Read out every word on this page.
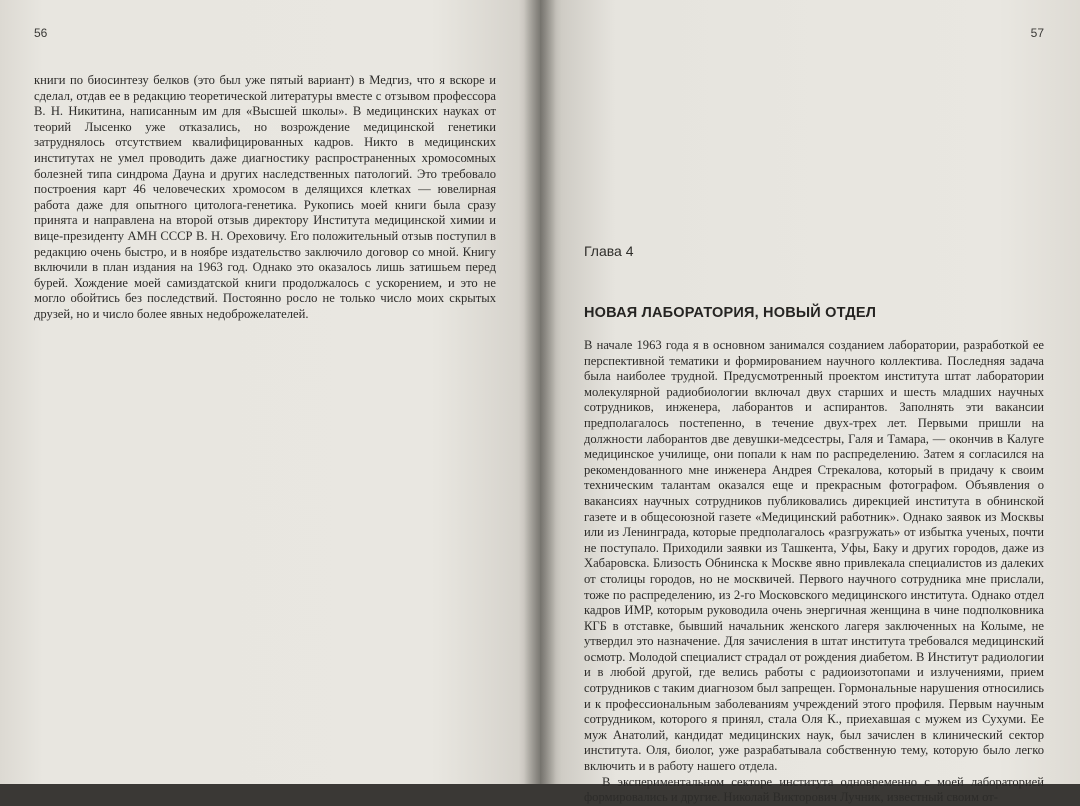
56

книги по биосинтезу белков (это был уже пятый вариант) в Медгиз, что я вскоре и сделал, отдав ее в редакцию теоретической литературы вместе с отзывом профессора В. Н. Никитина, написанным им для «Высшей школы». В медицинских науках от теорий Лысенко уже отказались, но возрождение медицинской генетики затруднялось отсутствием квалифицированных кадров. Никто в медицинских институтах не умел проводить даже диагностику распространенных хромосомных болезней типа синдрома Дауна и других наследственных патологий. Это требовало построения карт 46 человеческих хромосом в делящихся клетках — ювелирная работа даже для опытного цитолога-генетика. Рукопись моей книги была сразу принята и направлена на второй отзыв директору Института медицинской химии и вице-президенту АМН СССР В. Н. Ореховичу. Его положительный отзыв поступил в редакцию очень быстро, и в ноябре издательство заключило договор со мной. Книгу включили в план издания на 1963 год. Однако это оказалось лишь затишьем перед бурей. Хождение моей самиздатской книги продолжалось с ускорением, и это не могло обойтись без последствий. Постоянно росло не только число моих скрытых друзей, но и число более явных недоброжелателей.

57
Глава 4
НОВАЯ ЛАБОРАТОРИЯ, НОВЫЙ ОТДЕЛ

В начале 1963 года я в основном занимался созданием лаборатории, разработкой ее перспективной тематики и формированием научного коллектива. Последняя задача была наиболее трудной. Предусмотренный проектом института штат лаборатории молекулярной радиобиологии включал двух старших и шесть младших научных сотрудников, инженера, лаборантов и аспирантов. Заполнять эти вакансии предполагалось постепенно, в течение двух-трех лет. Первыми пришли на должности лаборантов две девушки-медсестры, Галя и Тамара, — окончив в Калуге медицинское училище, они попали к нам по распределению. Затем я согласился на рекомендованного мне инженера Андрея Стрекалова, который в придачу к своим техническим талантам оказался еще и прекрасным фотографом. Объявления о вакансиях научных сотрудников публиковались дирекцией института в обнинской газете и в общесоюзной газете «Медицинский работник». Однако заявок из Москвы или из Ленинграда, которые предполагалось «разгружать» от избытка ученых, почти не поступало. Приходили заявки из Ташкента, Уфы, Баку и других городов, даже из Хабаровска. Близость Обнинска к Москве явно привлекала специалистов из далеких от столицы городов, но не москвичей. Первого научного сотрудника мне прислали, тоже по распределению, из 2-го Московского медицинского института. Однако отдел кадров ИМР, которым руководила очень энергичная женщина в чине подполковника КГБ в отставке, бывший начальник женского лагеря заключенных на Колыме, не утвердил это назначение. Для зачисления в штат института требовался медицинский осмотр. Молодой специалист страдал от рождения диабетом. В Институт радиологии и в любой другой, где велись работы с радиоизотопами и излучениями, прием сотрудников с таким диагнозом был запрещен. Гормональные нарушения относились и к профессиональным заболеваниям учреждений этого профиля. Первым научным сотрудником, которого я принял, стала Оля К., приехавшая с мужем из Сухуми. Ее муж Анатолий, кандидат медицинских наук, был зачислен в клинический сектор института. Оля, биолог, уже разрабатывала собственную тему, которую было легко включить и в работу нашего отдела.

В экспериментальном секторе института одновременно с моей лабораторией формировались и другие. Николай Викторович Лучник, известный своим от-
